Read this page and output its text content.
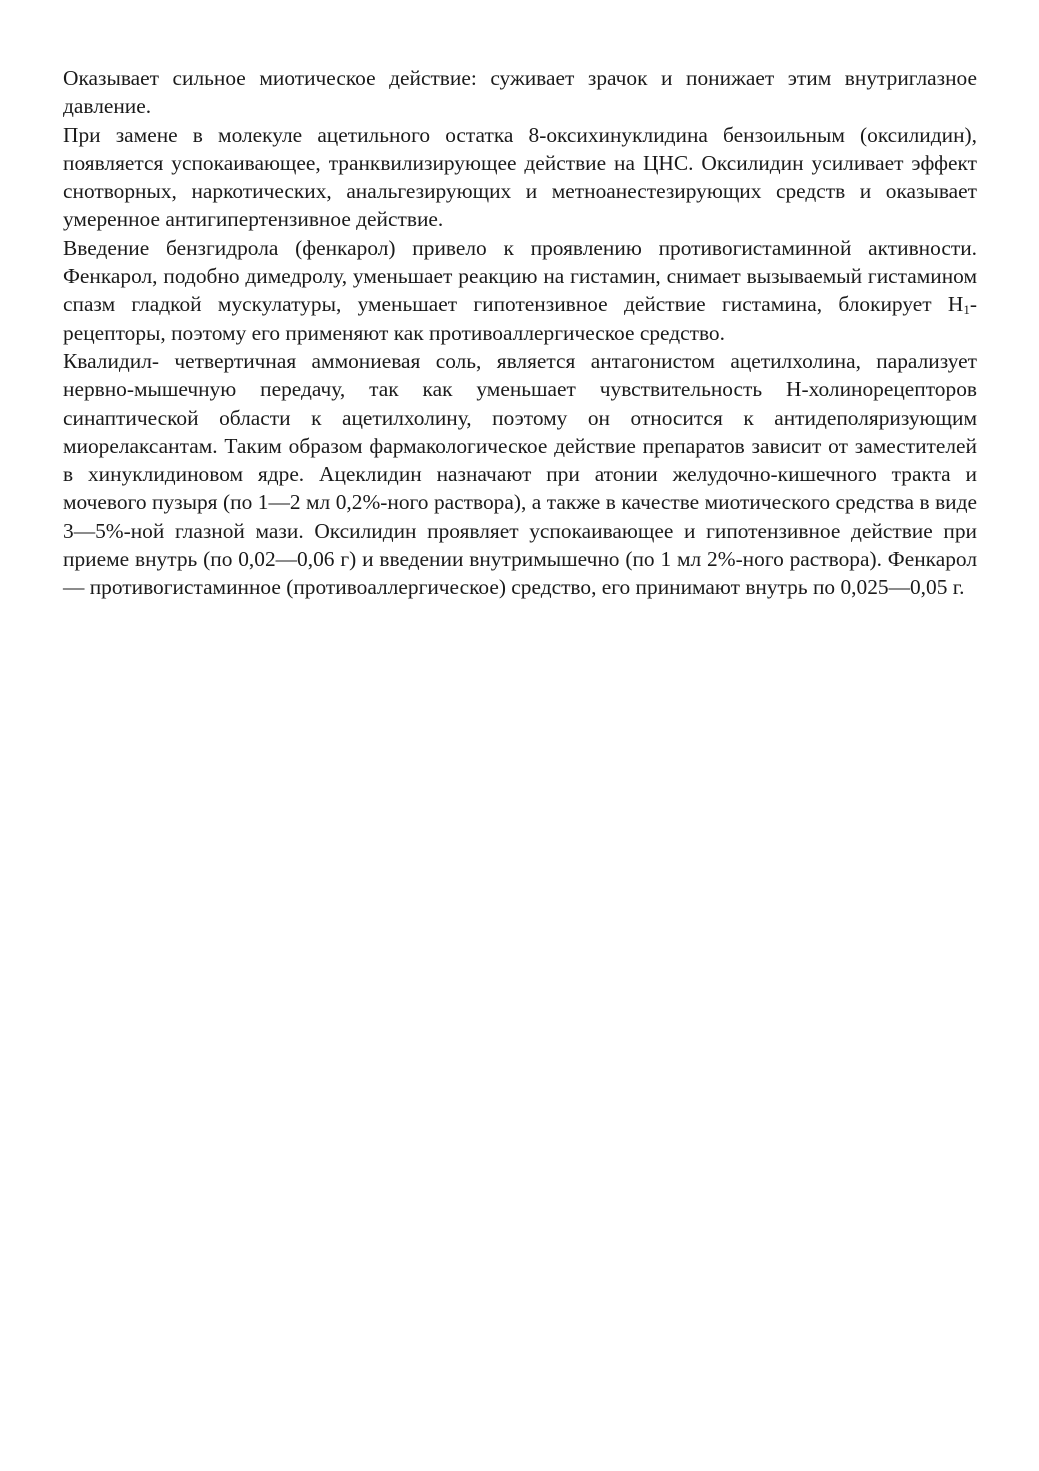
Оказывает сильное миотическое действие: суживает зрачок и понижает этим внутриглазное давление.

При замене в молекуле ацетильного остатка 8-оксихинуклидина бензоильным (оксилидин), появляется успокаивающее, транквилизирующее действие на ЦНС. Оксилидин усиливает эффект снотворных, наркотических, анальгезирующих и метноанестезирующих средств и оказывает умеренное антигипертензивное действие.

Введение бензгидрола (фенкарол) привело к проявлению противогистаминной активности. Фенкарол, подобно димедролу, уменьшает реакцию на гистамин, снимает вызываемый гистамином спазм гладкой мускулатуры, уменьшает гипотензивное действие гистамина, блокирует $Н_1$-рецепторы, поэтому его применяют как противоаллергическое средство.

Квалидил- четвертичная аммониевая соль, является антагонистом ацетилхолина, парализует нервно-мышечную передачу, так как уменьшает чувствительность Н-холинорецепторов синаптической области к ацетилхолину, поэтому он относится к антидеполяризующим миорелаксантам. Таким образом фармакологическое действие препаратов зависит от заместителей в хинуклидиновом ядре. Ацеклидин назначают при атонии желудочно-кишечного тракта и мочевого пузыря (по 1—2 мл 0,2%-ного раствора), а также в качестве миотического средства в виде 3—5%-ной глазной мази. Оксилидин проявляет успокаивающее и гипотензивное действие при приеме внутрь (по 0,02—0,06 г) и введении внутримышечно (по 1 мл 2%-ного раствора). Фенкарол — противогистаминное (противоаллергическое) средство, его принимают внутрь по 0,025—0,05 г.
